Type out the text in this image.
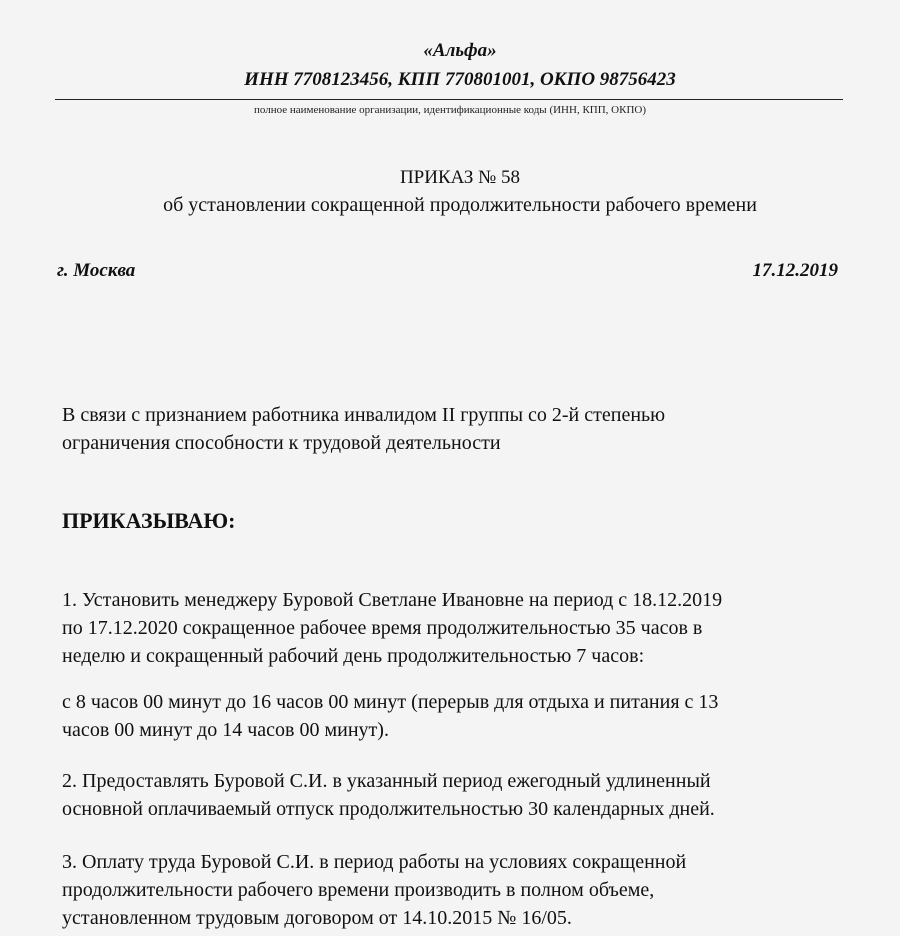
«Альфа»
ИНН 7708123456, КПП 770801001, ОКПО 98756423
полное наименование организации, идентификационные коды (ИНН, КПП, ОКПО)
ПРИКАЗ № 58
об установлении сокращенной продолжительности рабочего времени
г. Москва	17.12.2019
В связи с признанием работника инвалидом II группы со 2-й степенью
ограничения способности к трудовой деятельности
ПРИКАЗЫВАЮ:
1. Установить менеджеру Буровой Светлане Ивановне на период с 18.12.2019
по 17.12.2020 сокращенное рабочее время продолжительностью 35 часов в
неделю и сокращенный рабочий день продолжительностью 7 часов:
с 8 часов 00 минут до 16 часов 00 минут (перерыв для отдыха и питания с 13
часов 00 минут до 14 часов 00 минут).
2. Предоставлять Буровой С.И. в указанный период ежегодный удлиненный
основной оплачиваемый отпуск продолжительностью 30 календарных дней.
3. Оплату труда Буровой С.И. в период работы на условиях сокращенной
продолжительности рабочего времени производить в полном объеме,
установленном трудовым договором от 14.10.2015 № 16/05.
